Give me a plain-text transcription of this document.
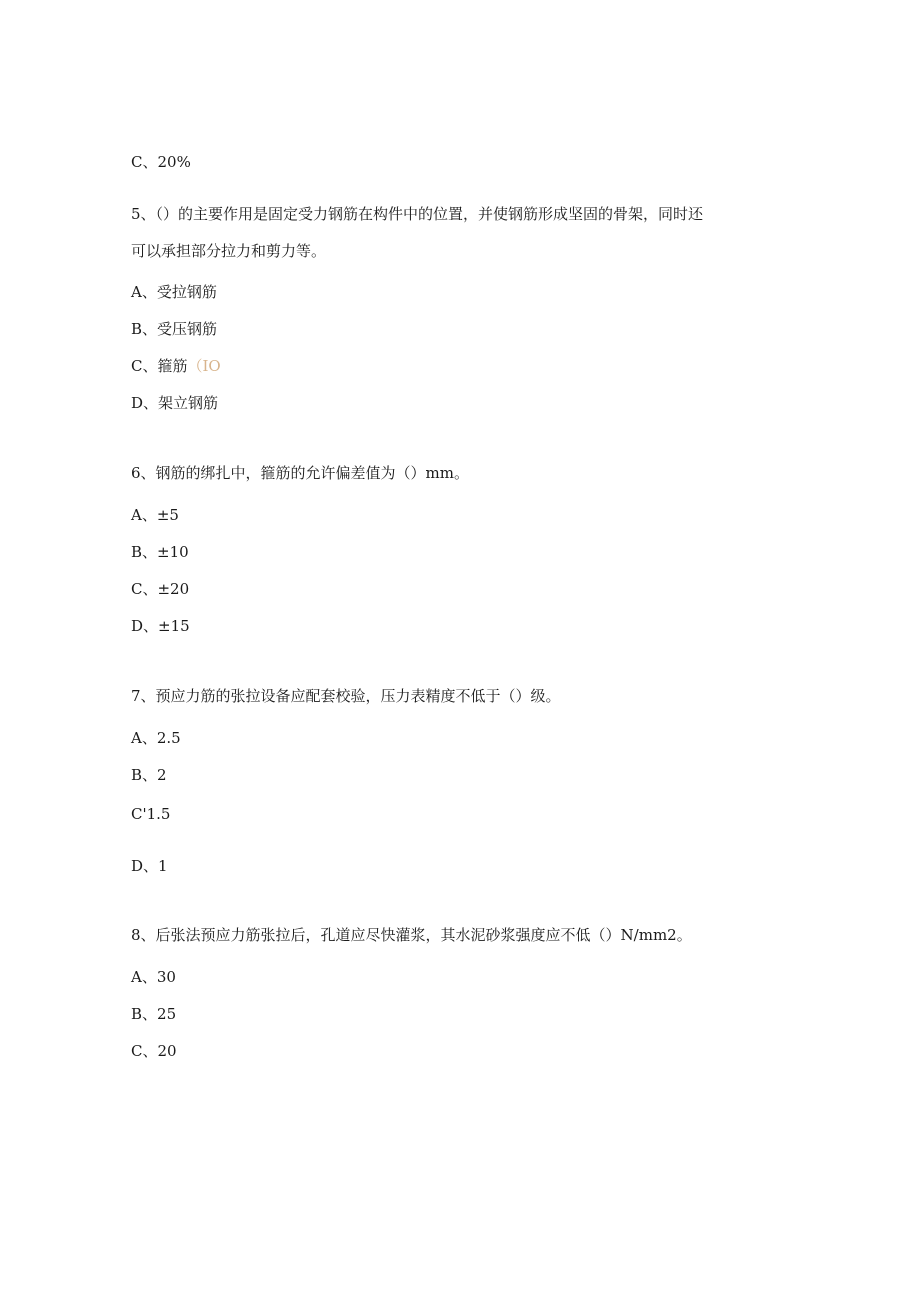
C、20%
5、（）的主要作用是固定受力钢筋在构件中的位置，并使钢筋形成坚固的骨架，同时还
可以承担部分拉力和剪力等。
A、受拉钢筋
B、受压钢筋
C、箍筋（IO
D、架立钢筋
6、钢筋的绑扎中，箍筋的允许偏差值为（）mm。
A、±5
B、±10
C、±20
D、±15
7、预应力筋的张拉设备应配套校验，压力表精度不低于（）级。
A、2.5
B、2
C'1.5
D、1
8、后张法预应力筋张拉后，孔道应尽快灌浆，其水泥砂浆强度应不低（）N/mm2。
A、30
B、25
C、20
